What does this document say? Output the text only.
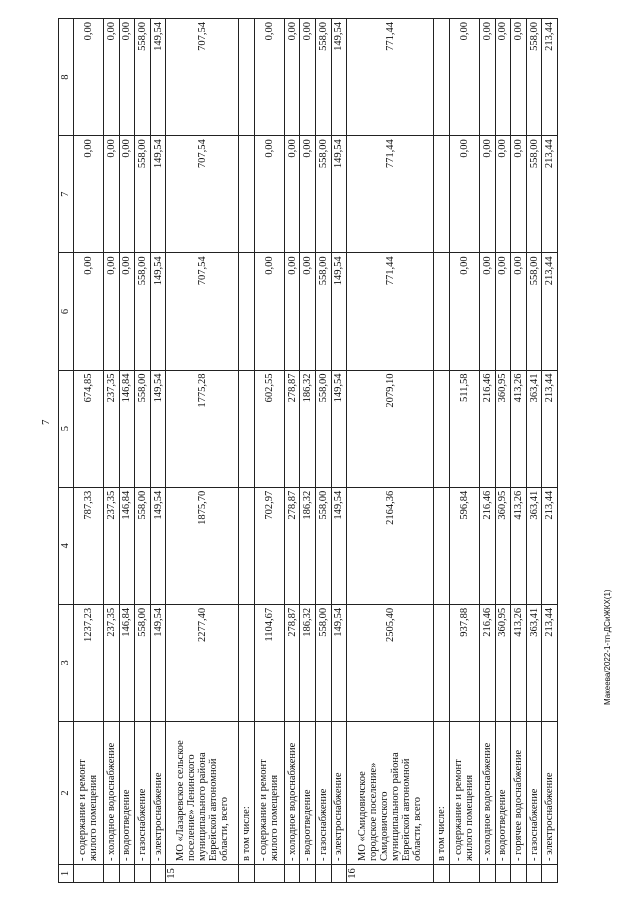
7
Макеева/2022-1-тп-ДСиЖКХ(1)
1	2	3	4	5	6	7	8
	- содержание и ремонт жилого помещения	1237,23	787,33	674,85	0,00	0,00	0,00
	- холодное водоснабжение	237,35	237,35	237,35	0,00	0,00	0,00
	- водоотведение	146,84	146,84	146,84	0,00	0,00	0,00
	- газоснабжение	558,00	558,00	558,00	558,00	558,00	558,00
	- электроснабжение	149,54	149,54	149,54	149,54	149,54	149,54
15	МО «Лазаревское сельское поселение» Ленинского муниципального района Еврейской автономной области, всего	2277,40	1875,70	1775,28	707,54	707,54	707,54
	в том числе:						
	- содержание и ремонт жилого помещения	1104,67	702,97	602,55	0,00	0,00	0,00
	- холодное водоснабжение	278,87	278,87	278,87	0,00	0,00	0,00
	- водоотведение	186,32	186,32	186,32	0,00	0,00	0,00
	- газоснабжение	558,00	558,00	558,00	558,00	558,00	558,00
	- электроснабжение	149,54	149,54	149,54	149,54	149,54	149,54
16	МО «Смидовичское городское поселение» Смидовичского муниципального района Еврейской автономной области, всего	2505,40	2164,36	2079,10	771,44	771,44	771,44
	в том числе:						
	- содержание и ремонт жилого помещения	937,88	596,84	511,58	0,00	0,00	0,00
	- холодное водоснабжение	216,46	216,46	216,46	0,00	0,00	0,00
	- водоотведение	360,95	360,95	360,95	0,00	0,00	0,00
	- горячее водоснабжение	413,26	413,26	413,26	0,00	0,00	0,00
	- газоснабжение	363,41	363,41	363,41	558,00	558,00	558,00
	- электроснабжение	213,44	213,44	213,44	213,44	213,44	213,44
